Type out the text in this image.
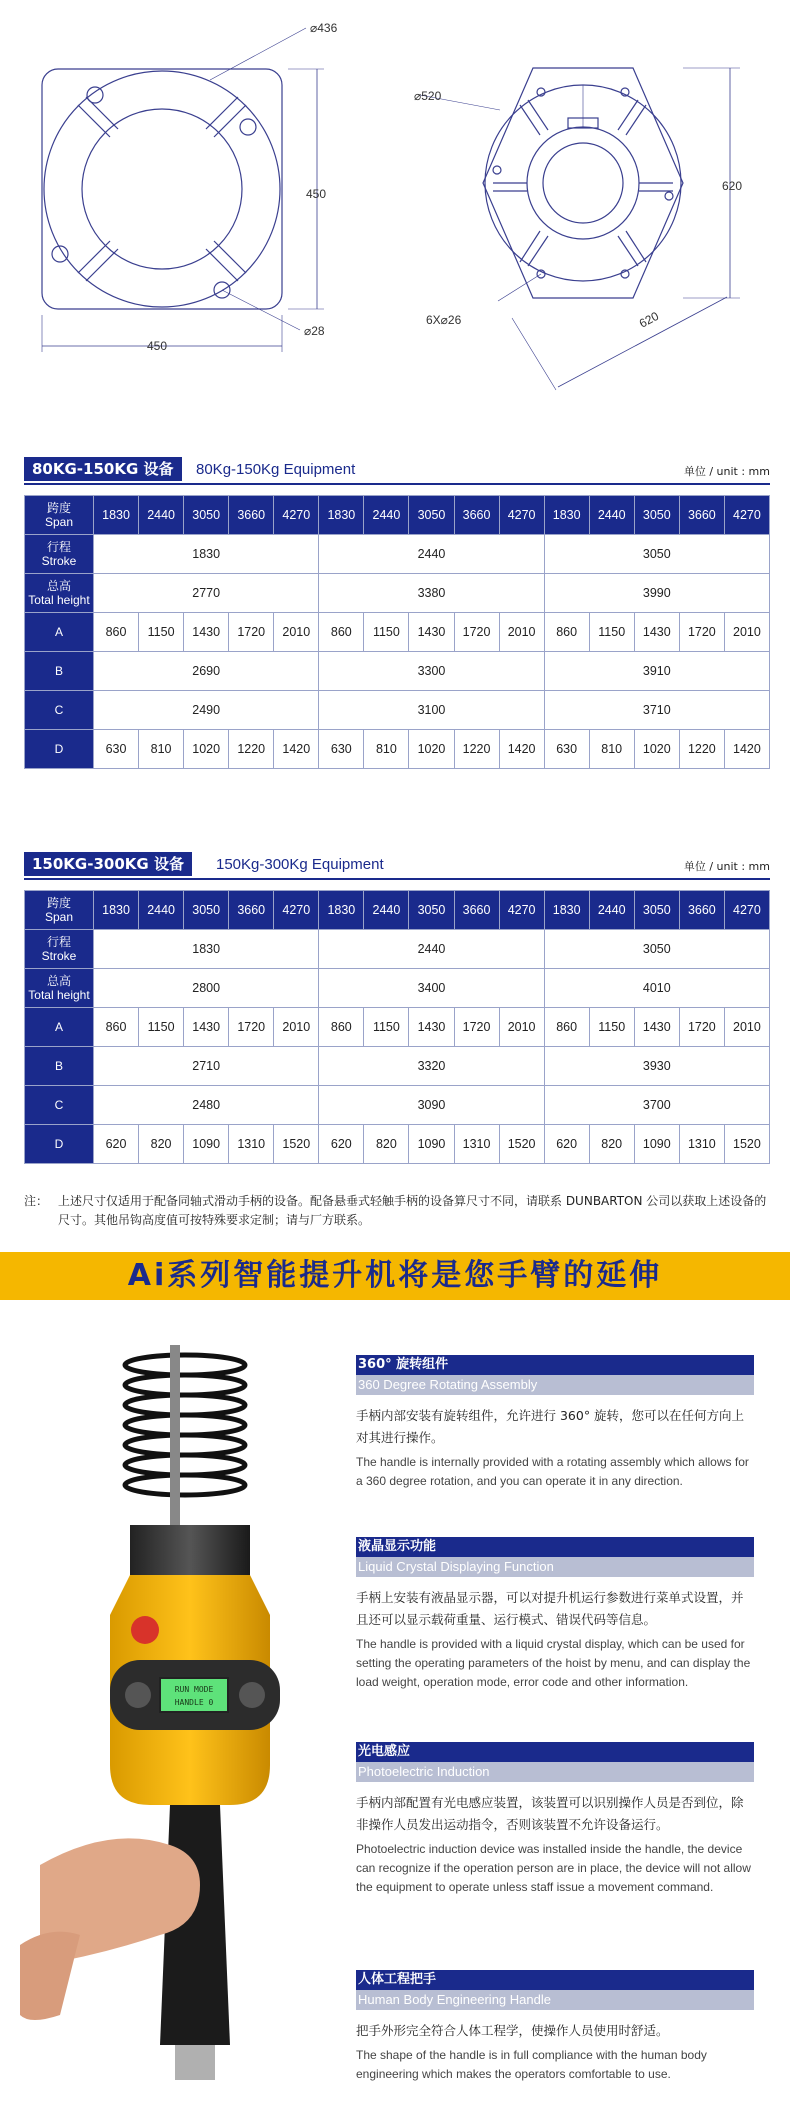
⌀436
450
450
⌀28
⌀520
620
620
6X⌀26
80KG-150KG 设备	80Kg-150Kg Equipment	单位 / unit : mm
跨度
Span	1830	2440	3050	3660	4270	1830	2440	3050	3660	4270	1830	2440	3050	3660	4270

行程
Stroke	1830					2440					3050				

总高
Total height	2770					3380					3990				

A	860	1150	1430	1720	2010	860	1150	1430	1720	2010	860	1150	1430	1720	2010

B	2690					3300					3910				

C	2490					3100					3710				

D	630	810	1020	1220	1420	630	810	1020	1220	1420	630	810	1020	1220	1420
150KG-300KG 设备	150Kg-300Kg Equipment	单位 / unit : mm
跨度
Span	1830	2440	3050	3660	4270	1830	2440	3050	3660	4270	1830	2440	3050	3660	4270

行程
Stroke	1830					2440					3050				

总高
Total height	2800					3400					4010				

A	860	1150	1430	1720	2010	860	1150	1430	1720	2010	860	1150	1430	1720	2010

B	2710					3320					3930				

C	2480					3090					3700				

D	620	820	1090	1310	1520	620	820	1090	1310	1520	620	820	1090	1310	1520
注： 上述尺寸仅适用于配备同轴式滑动手柄的设备。配备悬垂式轻触手柄的设备算尺寸不同，请联系 DUNBARTON 公司以获取上述设备的尺寸。其他吊钩高度值可按特殊要求定制；请与厂方联系。
Ai系列智能提升机将是您手臂的延伸
RUN MODE
HANDLE 0
360° 旋转组件
360 Degree Rotating Assembly
手柄内部安装有旋转组件，允许进行 360° 旋转，您可以在任何方向上对其进行操作。
The handle is internally provided with a rotating assembly which allows for a 360 degree rotation, and you can operate it in any direction.
液晶显示功能
Liquid Crystal Displaying Function
手柄上安装有液晶显示器，可以对提升机运行参数进行菜单式设置，并且还可以显示载荷重量、运行模式、错误代码等信息。
The handle is provided with a liquid crystal display, which can be used for setting the operating parameters of the hoist by menu, and can display the load weight, operation mode, error code and other information.
光电感应
Photoelectric Induction
手柄内部配置有光电感应装置，该装置可以识别操作人员是否到位，除非操作人员发出运动指令，否则该装置不允许设备运行。
Photoelectric induction device was installed inside the handle, the device can recognize if the operation person are in place, the device will not allow the equipment to operate unless staff issue a movement command.
人体工程把手
Human Body Engineering Handle
把手外形完全符合人体工程学，使操作人员使用时舒适。
The shape of the handle is in full compliance with the human body engineering which makes the operators comfortable to use.
